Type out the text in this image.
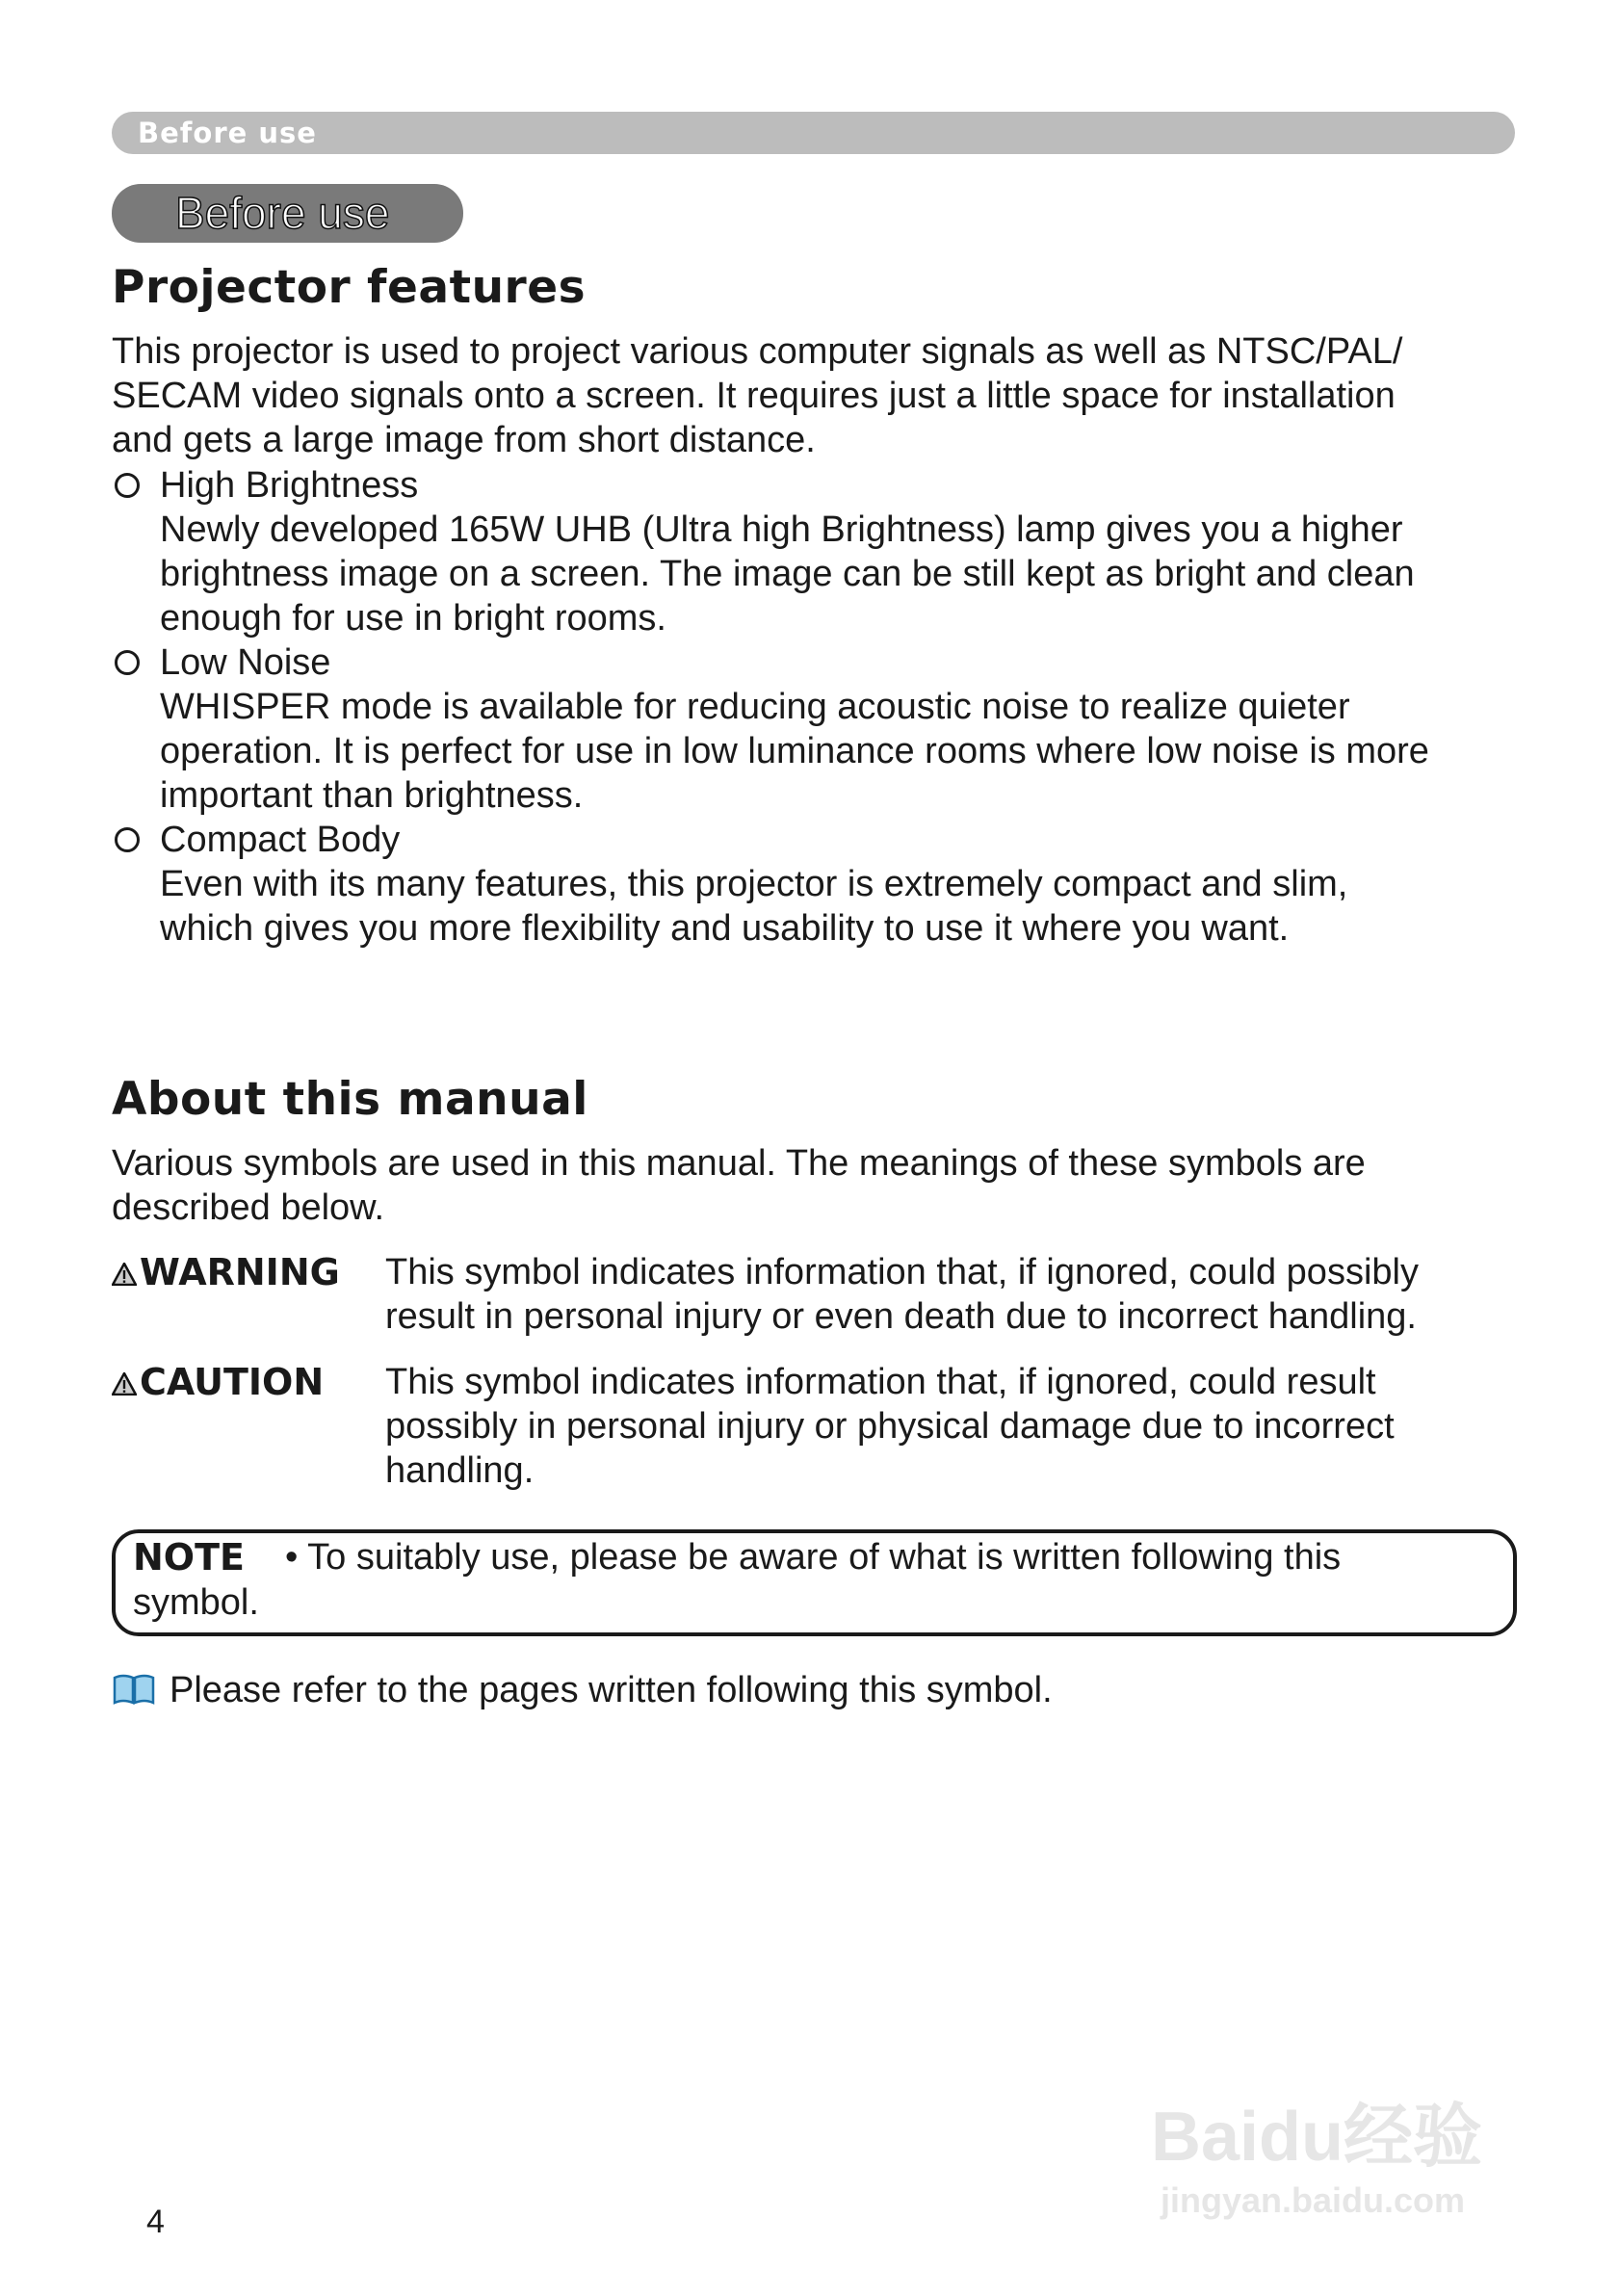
Before use
Before use
Projector features
This projector is used to project various computer signals as well as NTSC/PAL/
SECAM video signals onto a screen. It requires just a little space for installation
and gets a large image from short distance.
High Brightness
Newly developed 165W UHB (Ultra high Brightness) lamp gives you a higher
brightness image on a screen. The image can be still kept as bright and clean
enough for use in bright rooms.
Low Noise
WHISPER mode is available for reducing acoustic noise to realize quieter
operation. It is perfect for use in low luminance rooms where low noise is more
important than brightness.
Compact Body
Even with its many features, this projector is extremely compact and slim,
which gives you more flexibility and usability to use it where you want.
About this manual
Various symbols are used in this manual. The meanings of these symbols are
described below.
WARNING This symbol indicates information that, if ignored, could possibly
result in personal injury or even death due to incorrect handling.
CAUTION This symbol indicates information that, if ignored, could result
possibly in personal injury or physical damage due to incorrect
handling.
NOTE • To suitably use, please be aware of what is written following this
symbol.
Please refer to the pages written following this symbol.
4
Baidu经验
jingyan.baidu.com
